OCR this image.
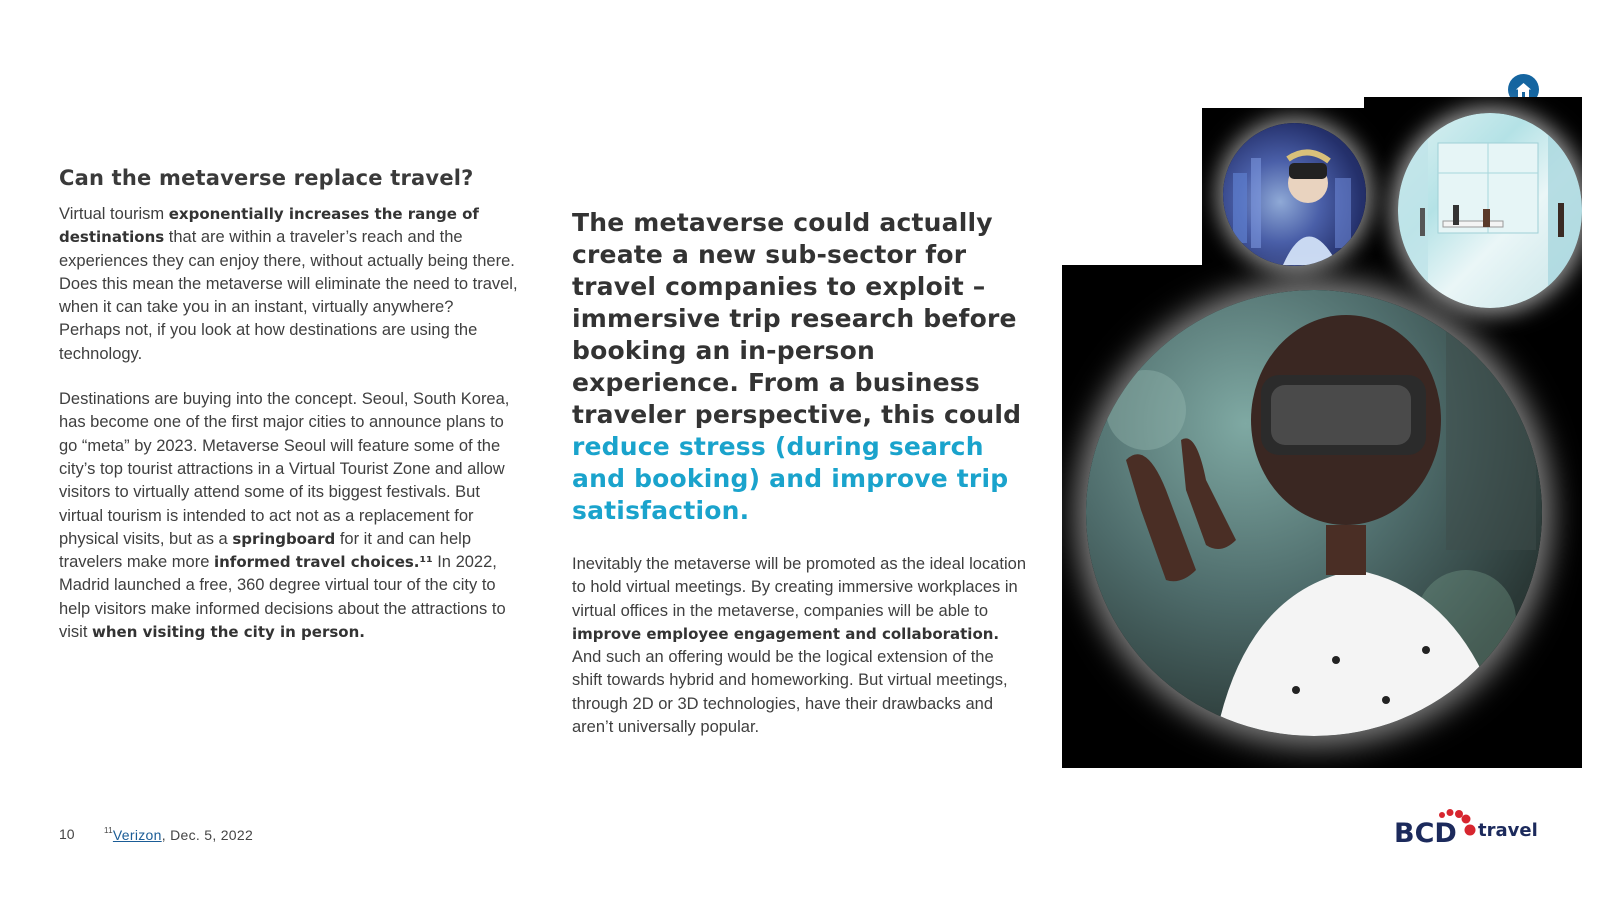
Can the metaverse replace travel?

Virtual tourism exponentially increases the range of destinations that are within a traveler’s reach and the experiences they can enjoy there, without actually being there. Does this mean the metaverse will eliminate the need to travel, when it can take you in an instant, virtually anywhere? Perhaps not, if you look at how destinations are using the technology.

Destinations are buying into the concept. Seoul, South Korea, has become one of the first major cities to announce plans to go “meta” by 2023. Metaverse Seoul will feature some of the city’s top tourist attractions in a Virtual Tourist Zone and allow visitors to virtually attend some of its biggest festivals. But virtual tourism is intended to act not as a replacement for physical visits, but as a springboard for it and can help travelers make more informed travel choices.¹¹ In 2022, Madrid launched a free, 360 degree virtual tour of the city to help visitors make informed decisions about the attractions to visit when visiting the city in person.

The metaverse could actually create a new sub-sector for travel companies to exploit – immersive trip research before booking an in-person experience. From a business traveler perspective, this could reduce stress (during search and booking) and improve trip satisfaction.

Inevitably the metaverse will be promoted as the ideal location to hold virtual meetings. By creating immersive workplaces in virtual offices in the metaverse, companies will be able to improve employee engagement and collaboration. And such an offering would be the logical extension of the shift towards hybrid and homeworking. But virtual meetings, through 2D or 3D technologies, have their drawbacks and aren’t universally popular.

10	$^{11}$Verizon, Dec. 5, 2022	BCD travel
